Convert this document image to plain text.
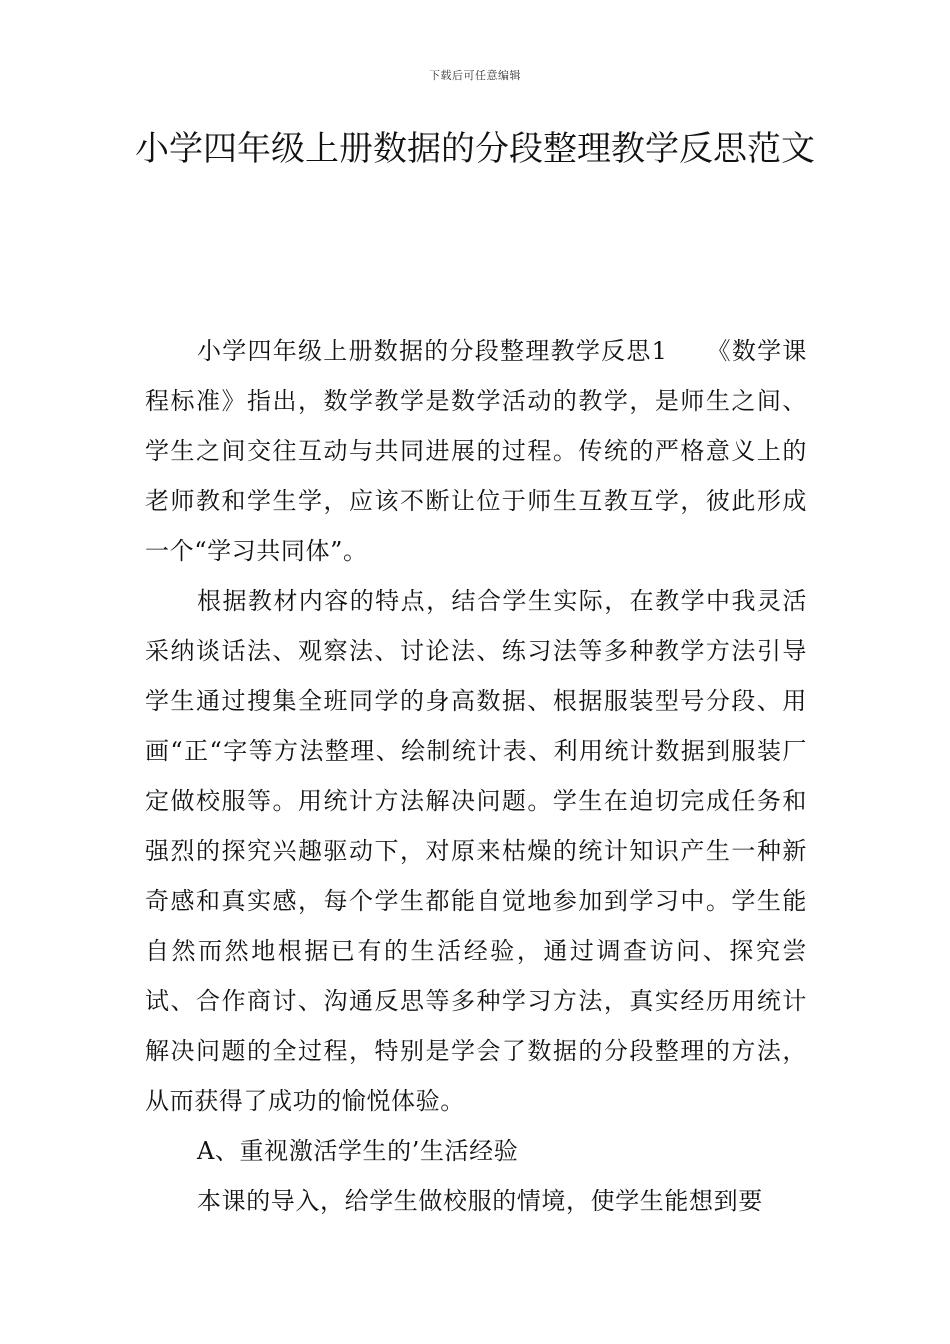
下载后可任意编辑
小学四年级上册数据的分段整理教学反思范文

小学四年级上册数据的分段整理教学反思1　　《数学课程标准》指出，数学教学是数学活动的教学，是师生之间、学生之间交往互动与共同进展的过程。传统的严格意义上的老师教和学生学，应该不断让位于师生互教互学，彼此形成一个“学习共同体”。

根据教材内容的特点，结合学生实际，在教学中我灵活采纳谈话法、观察法、讨论法、练习法等多种教学方法引导学生通过搜集全班同学的身高数据、根据服装型号分段、用画“正“字等方法整理、绘制统计表、利用统计数据到服装厂定做校服等。用统计方法解决问题。学生在迫切完成任务和强烈的探究兴趣驱动下，对原来枯燥的统计知识产生一种新奇感和真实感，每个学生都能自觉地参加到学习中。学生能自然而然地根据已有的生活经验，通过调查访问、探究尝试、合作商讨、沟通反思等多种学习方法，真实经历用统计解决问题的全过程，特别是学会了数据的分段整理的方法，从而获得了成功的愉悦体验。

A、重视激活学生的’生活经验

本课的导入，给学生做校服的情境，使学生能想到要
